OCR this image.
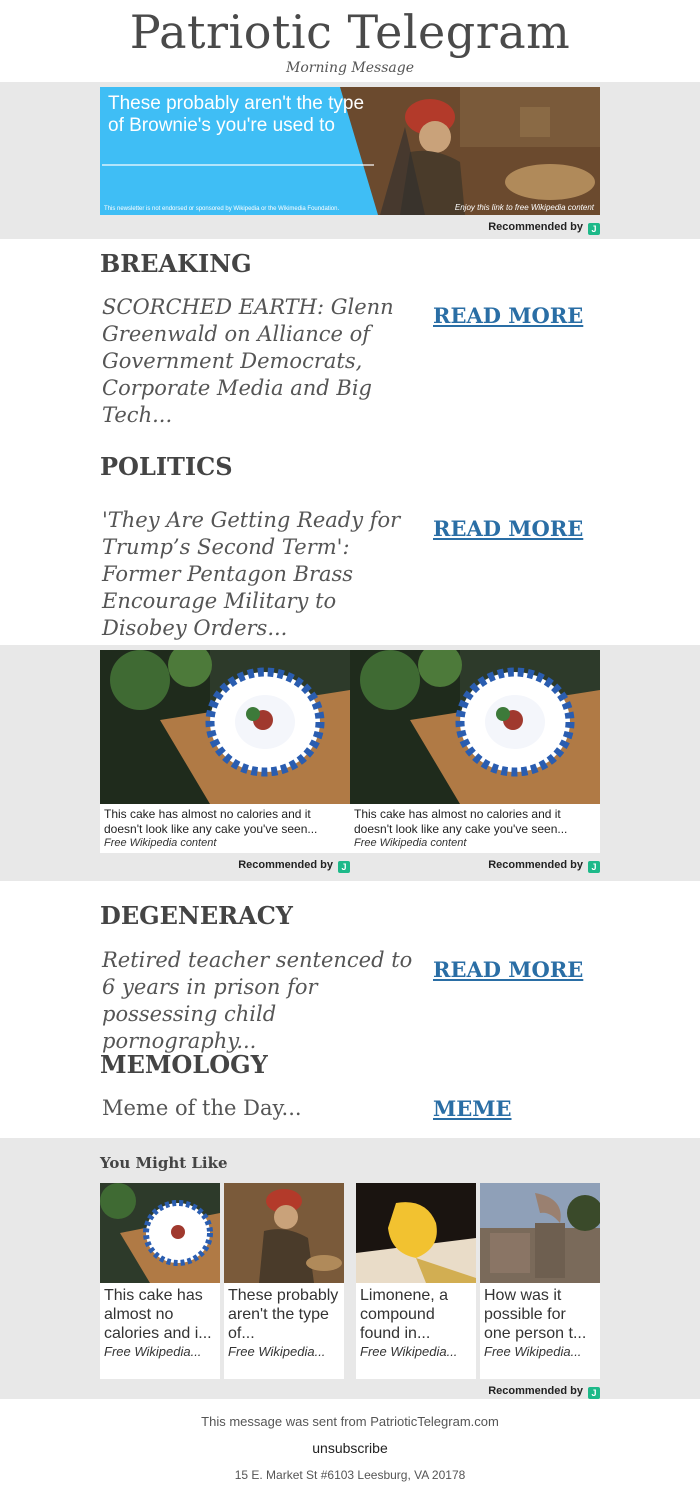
Patriotic Telegram
Morning Message
These probably aren't the type of Brownie's you're used to
This newsletter is not endorsed or sponsored by Wikipedia or the Wikimedia Foundation.	Enjoy this link to free Wikipedia content
Recommended by J
BREAKING
SCORCHED EARTH: Glenn Greenwald on Alliance of Government Democrats, Corporate Media and Big Tech...
READ MORE
POLITICS
'They Are Getting Ready for Trump’s Second Term': Former Pentagon Brass Encourage Military to Disobey Orders...
READ MORE
This cake has almost no calories and it doesn't look like any cake you've seen...
Free Wikipedia content
This cake has almost no calories and it doesn't look like any cake you've seen...
Free Wikipedia content
Recommended by J	Recommended by J
DEGENERACY
Retired teacher sentenced to 6 years in prison for possessing child pornography...
READ MORE
MEMOLOGY
Meme of the Day...	MEME
You Might Like
This cake has almost no calories and i...
Free Wikipedia...
These probably aren't the type of...
Free Wikipedia...
Limonene, a compound found in...
Free Wikipedia...
How was it possible for one person t...
Free Wikipedia...
Recommended by J
This message was sent from PatrioticTelegram.com
unsubscribe
15 E. Market St #6103 Leesburg, VA 20178
